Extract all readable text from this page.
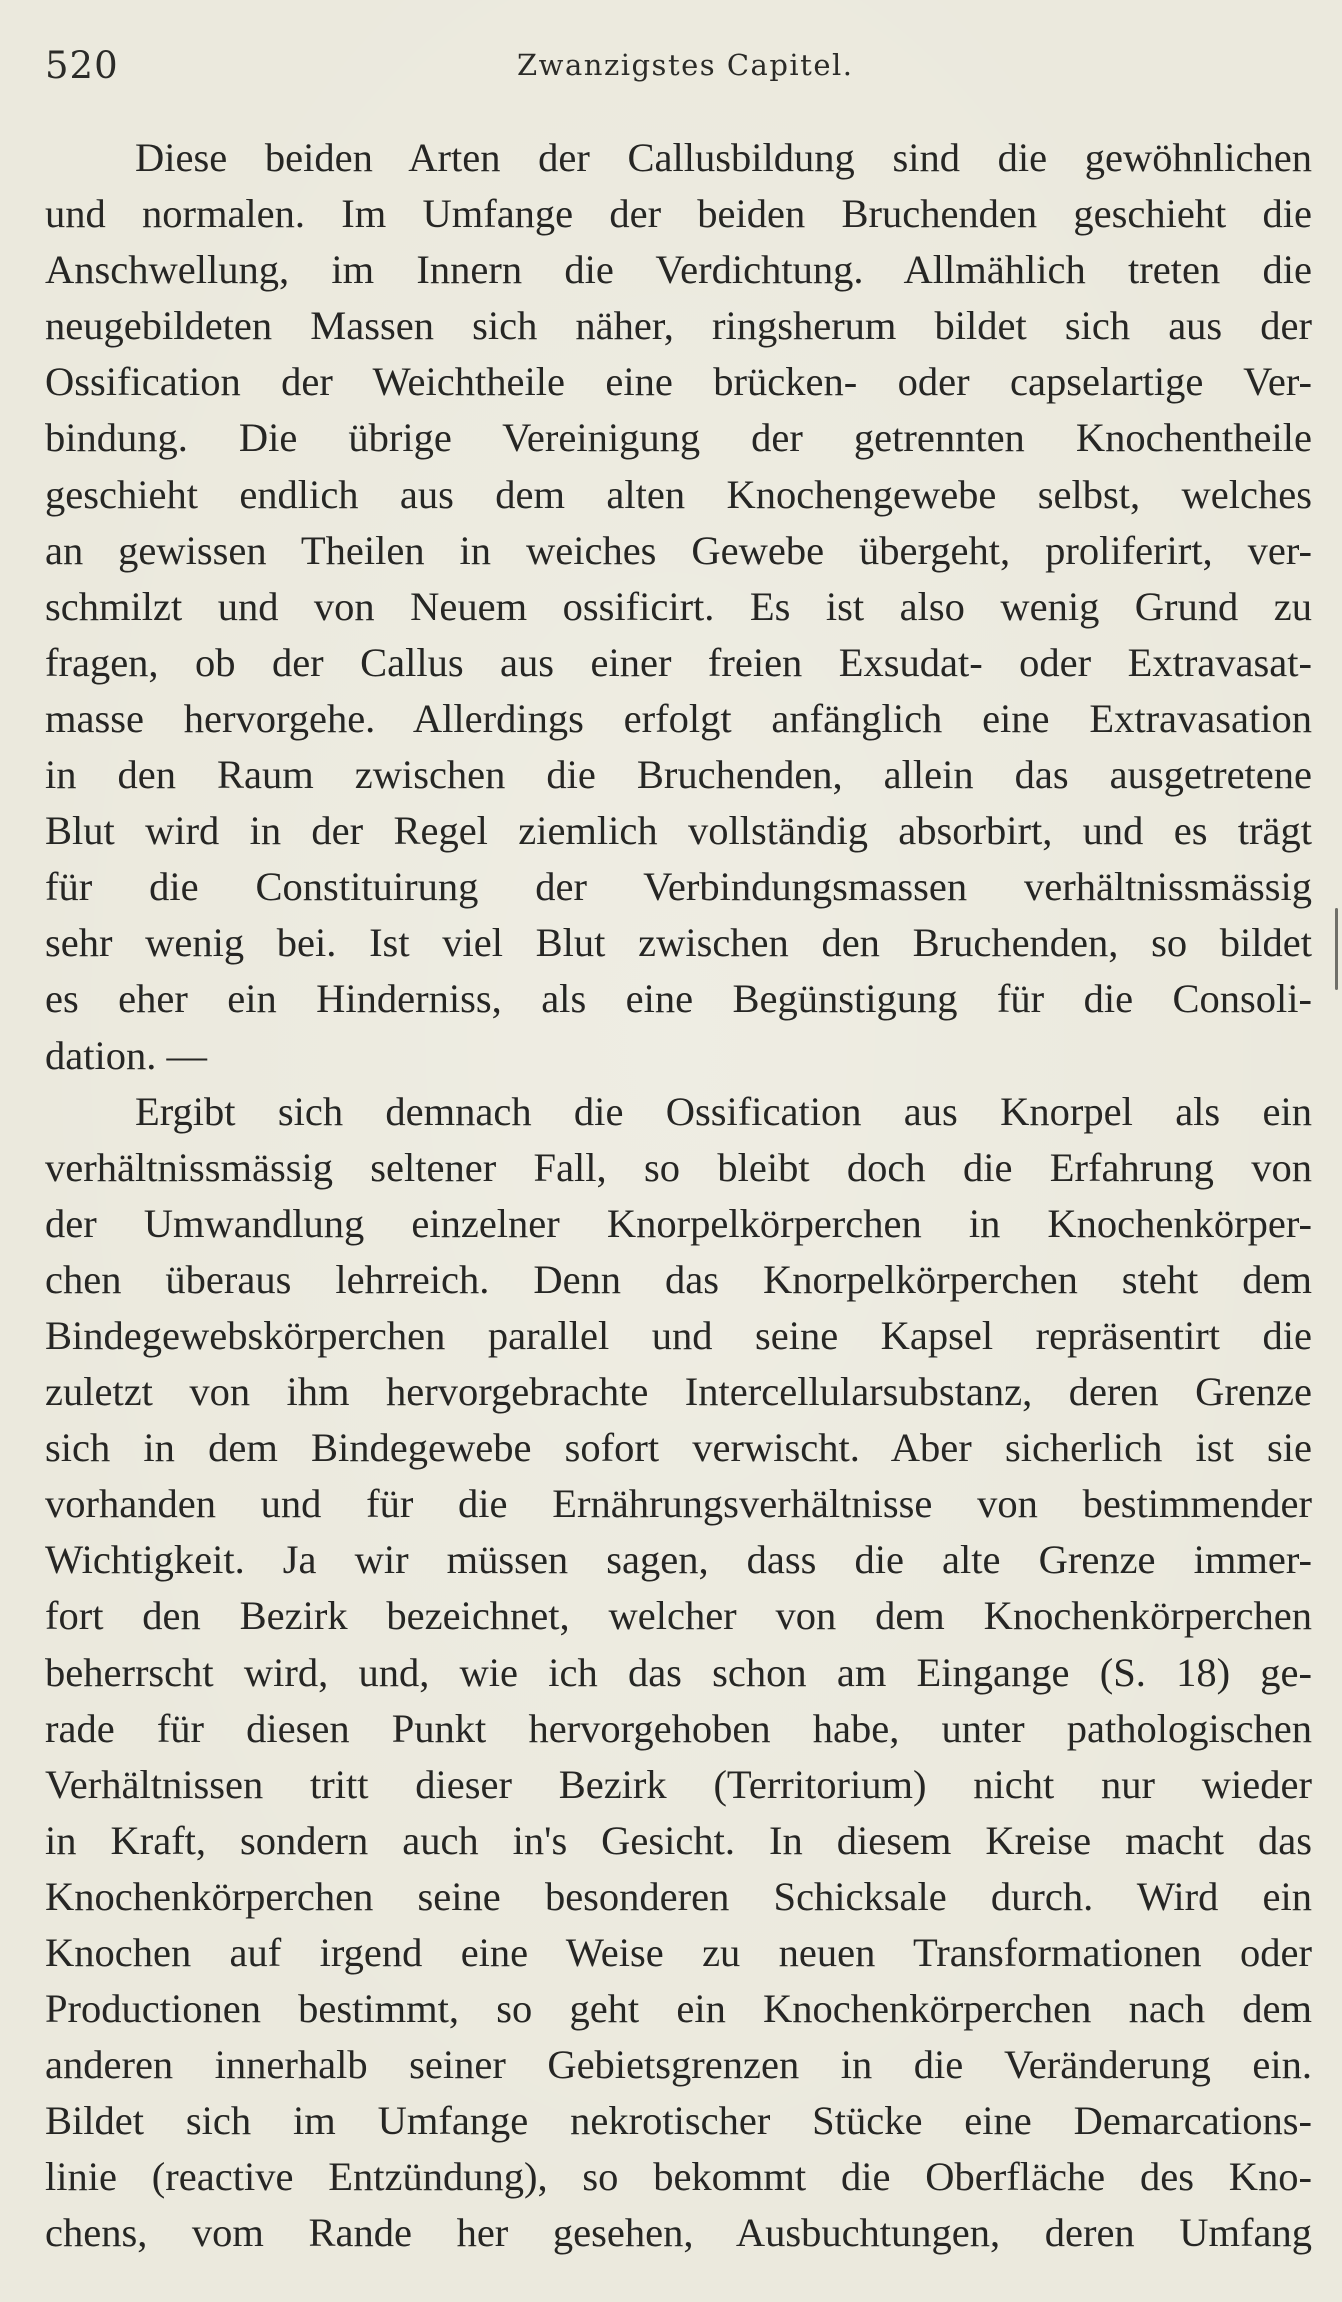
520	Zwanzigstes Capitel.
Diese beiden Arten der Callusbildung sind die gewöhnlichen
und normalen. Im Umfange der beiden Bruchenden geschieht die
Anschwellung, im Innern die Verdichtung. Allmählich treten die
neugebildeten Massen sich näher, ringsherum bildet sich aus der
Ossification der Weichtheile eine brücken- oder capselartige Ver-
bindung. Die übrige Vereinigung der getrennten Knochentheile
geschieht endlich aus dem alten Knochengewebe selbst, welches
an gewissen Theilen in weiches Gewebe übergeht, proliferirt, ver-
schmilzt und von Neuem ossificirt. Es ist also wenig Grund zu
fragen, ob der Callus aus einer freien Exsudat- oder Extravasat-
masse hervorgehe. Allerdings erfolgt anfänglich eine Extravasation
in den Raum zwischen die Bruchenden, allein das ausgetretene
Blut wird in der Regel ziemlich vollständig absorbirt, und es trägt
für die Constituirung der Verbindungsmassen verhältnissmässig
sehr wenig bei. Ist viel Blut zwischen den Bruchenden, so bildet
es eher ein Hinderniss, als eine Begünstigung für die Consoli-
dation. —
Ergibt sich demnach die Ossification aus Knorpel als ein
verhältnissmässig seltener Fall, so bleibt doch die Erfahrung von
der Umwandlung einzelner Knorpelkörperchen in Knochenkörper-
chen überaus lehrreich. Denn das Knorpelkörperchen steht dem
Bindegewebskörperchen parallel und seine Kapsel repräsentirt die
zuletzt von ihm hervorgebrachte Intercellularsubstanz, deren Grenze
sich in dem Bindegewebe sofort verwischt. Aber sicherlich ist sie
vorhanden und für die Ernährungsverhältnisse von bestimmender
Wichtigkeit. Ja wir müssen sagen, dass die alte Grenze immer-
fort den Bezirk bezeichnet, welcher von dem Knochenkörperchen
beherrscht wird, und, wie ich das schon am Eingange (S. 18) ge-
rade für diesen Punkt hervorgehoben habe, unter pathologischen
Verhältnissen tritt dieser Bezirk (Territorium) nicht nur wieder
in Kraft, sondern auch in's Gesicht. In diesem Kreise macht das
Knochenkörperchen seine besonderen Schicksale durch. Wird ein
Knochen auf irgend eine Weise zu neuen Transformationen oder
Productionen bestimmt, so geht ein Knochenkörperchen nach dem
anderen innerhalb seiner Gebietsgrenzen in die Veränderung ein.
Bildet sich im Umfange nekrotischer Stücke eine Demarcations-
linie (reactive Entzündung), so bekommt die Oberfläche des Kno-
chens, vom Rande her gesehen, Ausbuchtungen, deren Umfang
